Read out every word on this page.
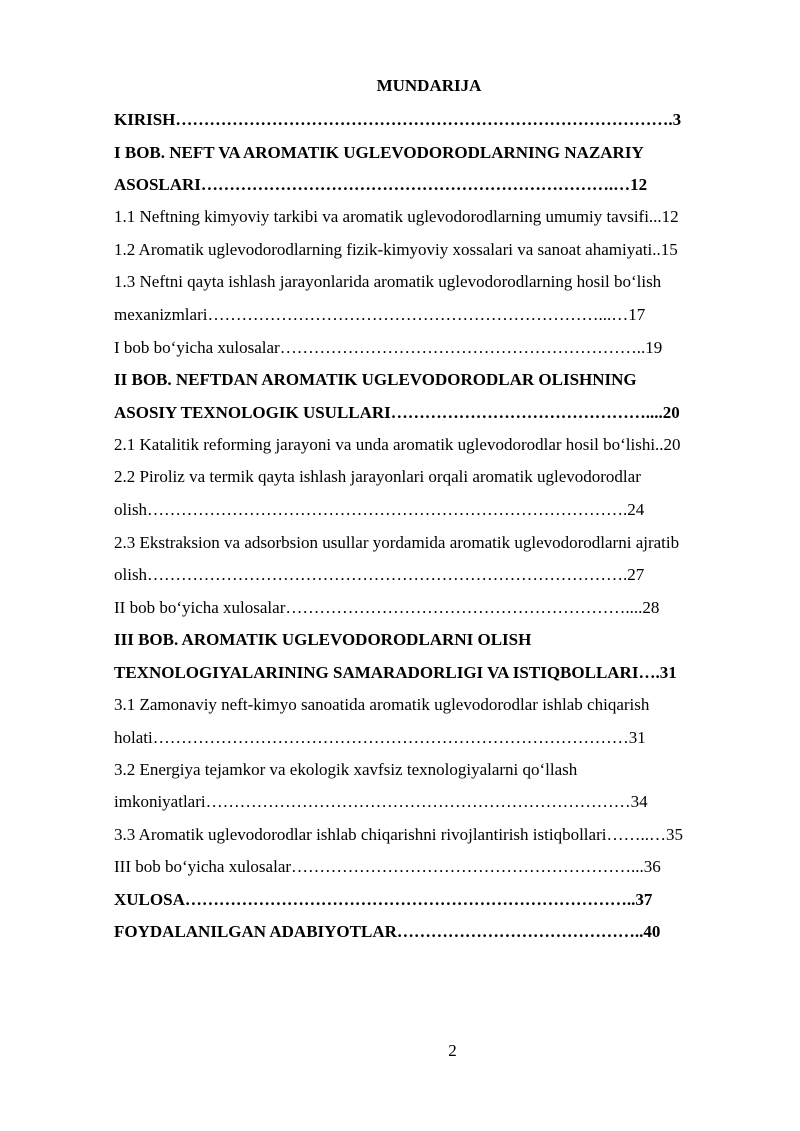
MUNDARIJA
KIRISH…………………………………………………………………………….3
I BOB. NEFT VA AROMATIK UGLEVODORODLARNING NAZARIY
ASOSLARI……………………………………………………………….…12
1.1 Neftning kimyoviy tarkibi va aromatik uglevodorodlarning umumiy tavsifi...12
1.2 Aromatik uglevodorodlarning fizik-kimyoviy xossalari va sanoat ahamiyati..15
1.3 Neftni qayta ishlash jarayonlarida aromatik uglevodorodlarning hosil bo‘lish
mexanizmlari……………………………………………………………...…17
I bob bo‘yicha xulosalar………………………………………………………..19
II BOB. NEFTDAN AROMATIK UGLEVODORODLAR OLISHNING
ASOSIY TEXNOLOGIK USULLARI………………………………………....20
2.1 Katalitik reforming jarayoni va unda aromatik uglevodorodlar hosil bo‘lishi..20
2.2 Piroliz va termik qayta ishlash jarayonlari orqali aromatik uglevodorodlar
olish………………………………………………………………………….24
2.3 Ekstraksion va adsorbsion usullar yordamida aromatik uglevodorodlarni ajratib
olish………………………………………………………………………….27
II bob bo‘yicha xulosalar……………………………………………………....28
III BOB. AROMATIK UGLEVODORODLARNI OLISH
TEXNOLOGIYALARINING SAMARADORLIGI VA ISTIQBOLLARI….31
3.1 Zamonaviy neft-kimyo sanoatida aromatik uglevodorodlar ishlab chiqarish
holati…………………………………………………………………………31
3.2 Energiya tejamkor va ekologik xavfsiz texnologiyalarni qo‘llash
imkoniyatlari…………………………………………………………………34
3.3 Aromatik uglevodorodlar ishlab chiqarishni rivojlantirish istiqbollari……..…35
III bob bo‘yicha xulosalar……………………………………………………...36
XULOSA……………………………………………………………………..37
FOYDALANILGAN ADABIYOTLAR……………………………………..40
2
